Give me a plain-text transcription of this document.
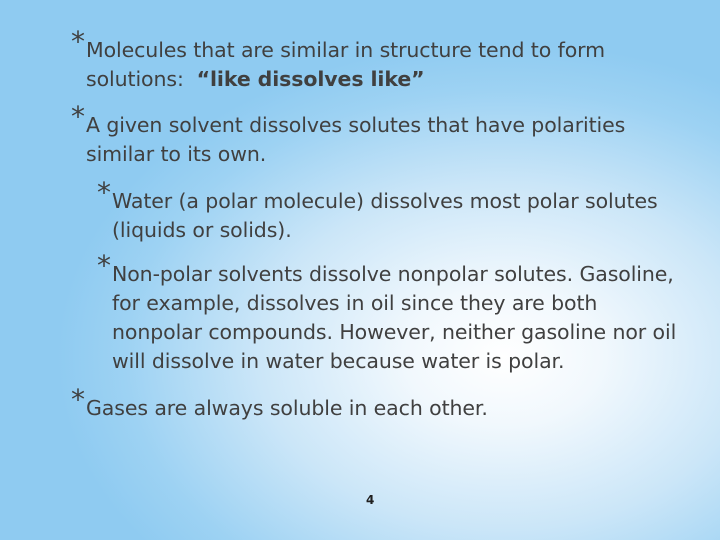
* Molecules that are similar in structure tend to form
solutions:  “like dissolves like”
* A given solvent dissolves solutes that have polarities
similar to its own.
* Water (a polar molecule) dissolves most polar solutes
(liquids or solids).
* Non-polar solvents dissolve nonpolar solutes. Gasoline,
for example, dissolves in oil since they are both
nonpolar compounds. However, neither gasoline nor oil
will dissolve in water because water is polar.
* Gases are always soluble in each other.
4
